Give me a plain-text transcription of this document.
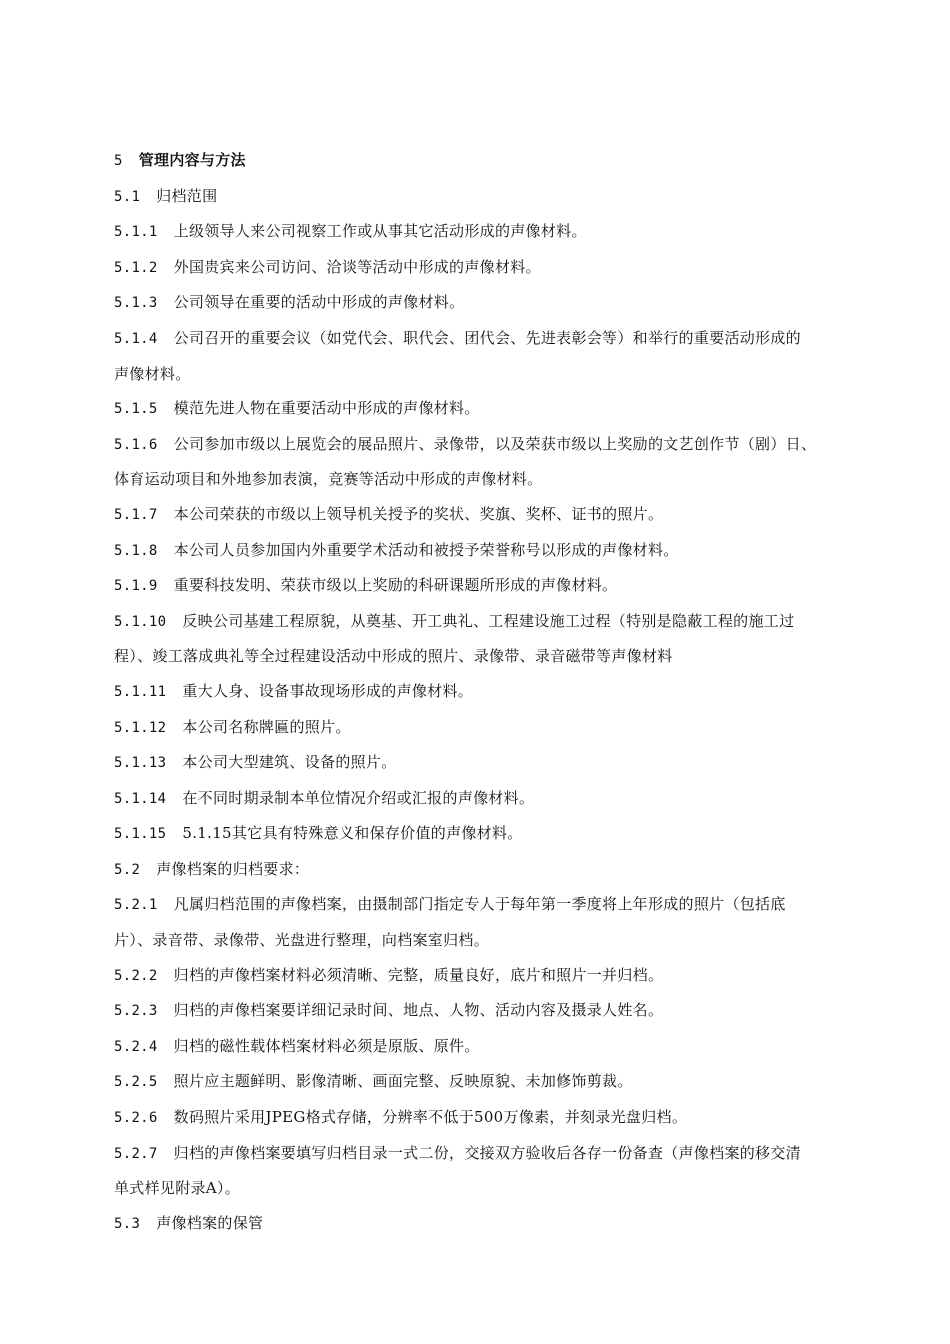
5 管理内容与方法
5.1 归档范围
5.1.1 上级领导人来公司视察工作或从事其它活动形成的声像材料。
5.1.2 外国贵宾来公司访问、洽谈等活动中形成的声像材料。
5.1.3 公司领导在重要的活动中形成的声像材料。
5.1.4 公司召开的重要会议（如党代会、职代会、团代会、先进表彰会等）和举行的重要活动形成的
声像材料。
5.1.5 模范先进人物在重要活动中形成的声像材料。
5.1.6 公司参加市级以上展览会的展品照片、录像带，以及荣获市级以上奖励的文艺创作节（剧）日、
体育运动项目和外地参加表演，竞赛等活动中形成的声像材料。
5.1.7 本公司荣获的市级以上领导机关授予的奖状、奖旗、奖杯、证书的照片。
5.1.8 本公司人员参加国内外重要学术活动和被授予荣誉称号以形成的声像材料。
5.1.9 重要科技发明、荣获市级以上奖励的科研课题所形成的声像材料。
5.1.10 反映公司基建工程原貌，从奠基、开工典礼、工程建设施工过程（特别是隐蔽工程的施工过
程）、竣工落成典礼等全过程建设活动中形成的照片、录像带、录音磁带等声像材料
5.1.11 重大人身、设备事故现场形成的声像材料。
5.1.12 本公司名称牌匾的照片。
5.1.13 本公司大型建筑、设备的照片。
5.1.14 在不同时期录制本单位情况介绍或汇报的声像材料。
5.1.15 5.1.15其它具有特殊意义和保存价值的声像材料。
5.2 声像档案的归档要求：
5.2.1 凡属归档范围的声像档案，由摄制部门指定专人于每年第一季度将上年形成的照片（包括底
片）、录音带、录像带、光盘进行整理，向档案室归档。
5.2.2 归档的声像档案材料必须清晰、完整，质量良好，底片和照片一并归档。
5.2.3 归档的声像档案要详细记录时间、地点、人物、活动内容及摄录人姓名。
5.2.4 归档的磁性载体档案材料必须是原版、原件。
5.2.5 照片应主题鲜明、影像清晰、画面完整、反映原貌、未加修饰剪裁。
5.2.6 数码照片采用JPEG格式存储，分辨率不低于500万像素，并刻录光盘归档。
5.2.7 归档的声像档案要填写归档目录一式二份，交接双方验收后各存一份备查（声像档案的移交清
单式样见附录A）。
5.3 声像档案的保管
